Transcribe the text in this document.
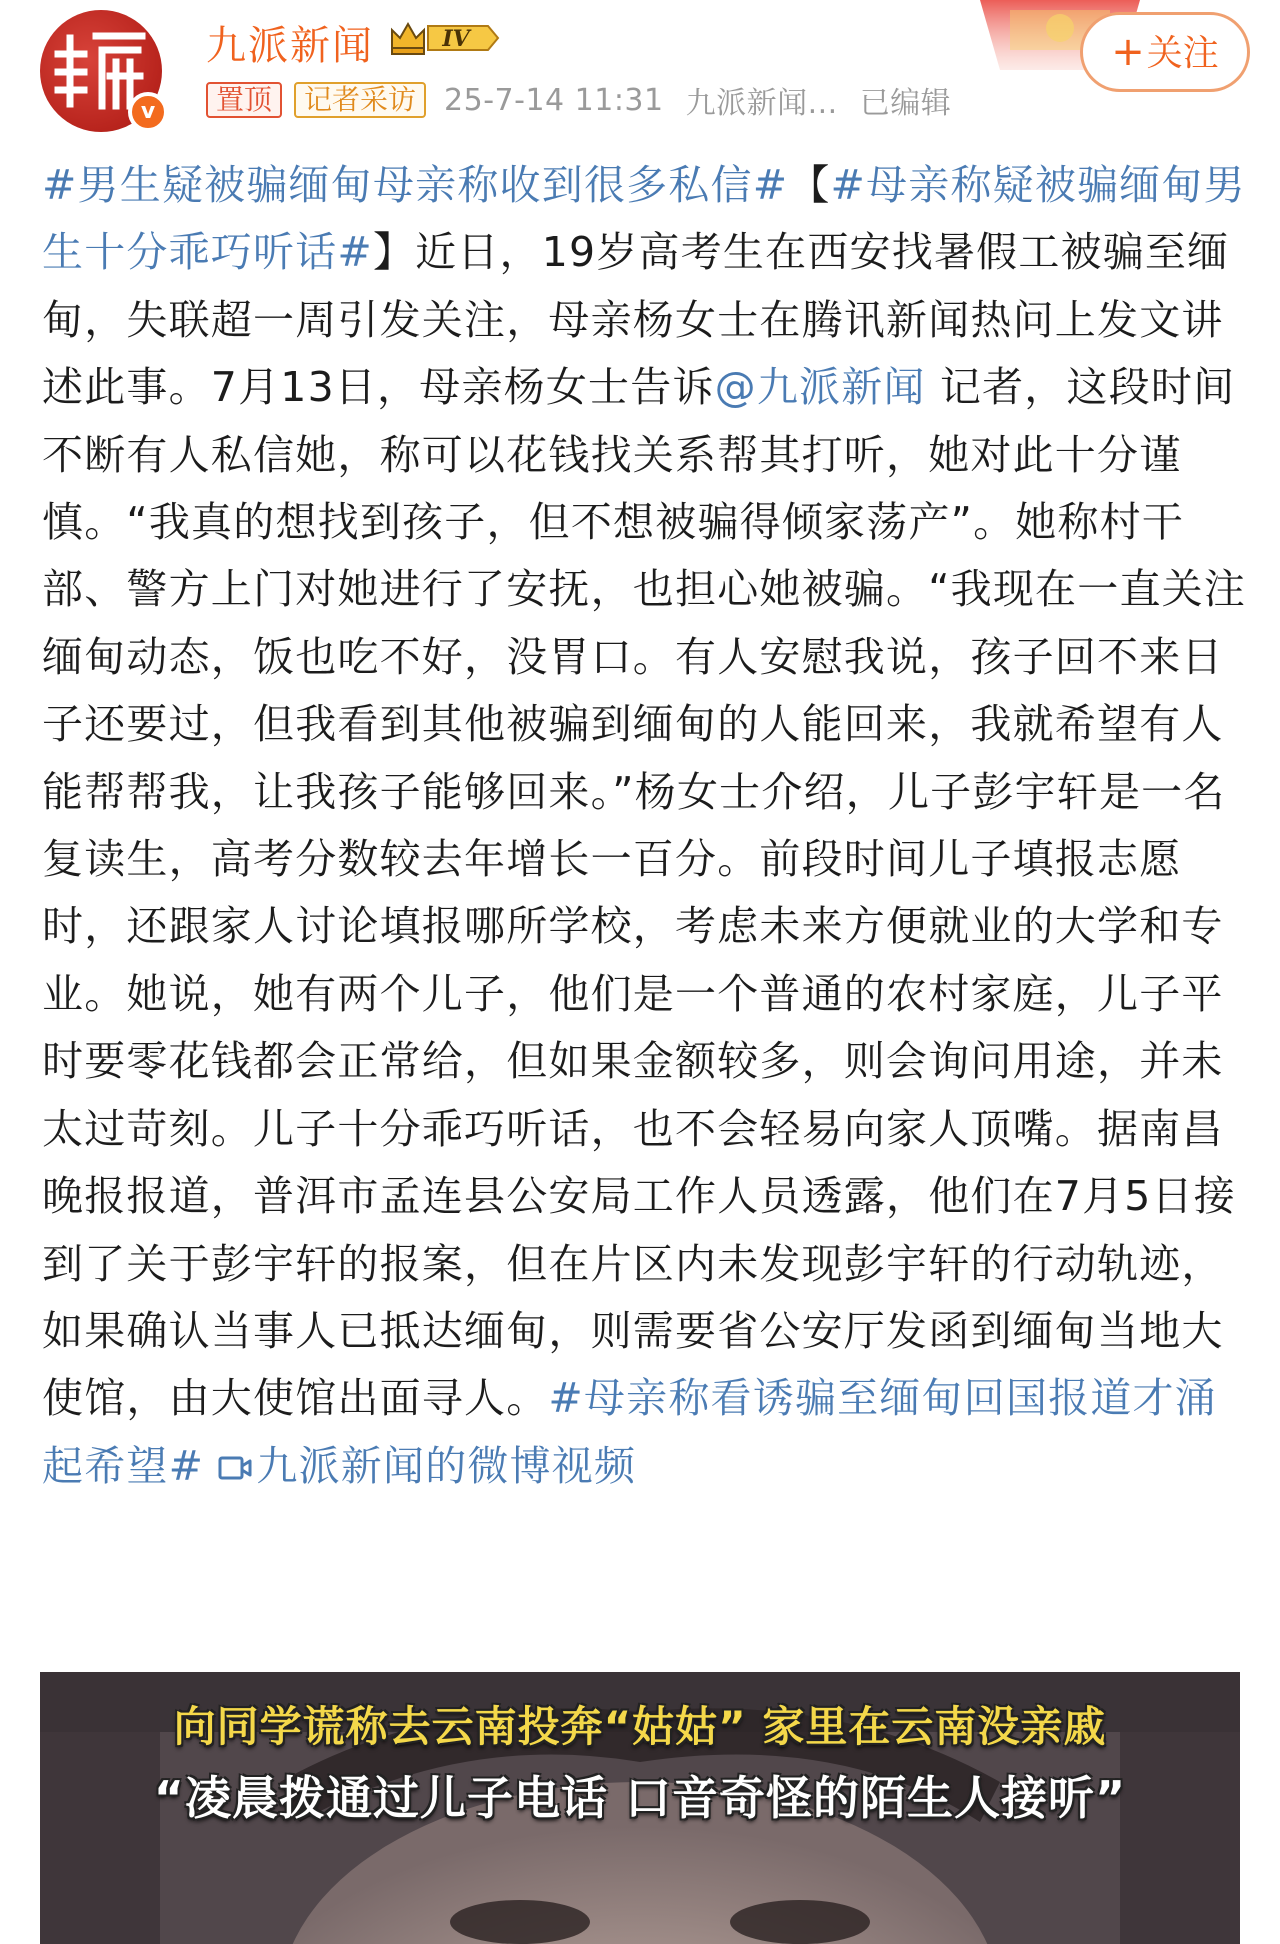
v
九派新闻	IV
置顶	记者采访 25-7-14 11:31 九派新闻... 已编辑
+关注
#男生疑被骗缅甸母亲称收到很多私信#【#母亲称疑被骗缅甸男生十分乖巧听话#】近日，19岁高考生在西安找暑假工被骗至缅甸，失联超一周引发关注，母亲杨女士在腾讯新闻热问上发文讲述此事。7月13日，母亲杨女士告诉@九派新闻 记者，这段时间不断有人私信她，称可以花钱找关系帮其打听，她对此十分谨慎。“我真的想找到孩子，但不想被骗得倾家荡产”。她称村干部、警方上门对她进行了安抚，也担心她被骗。“我现在一直关注缅甸动态，饭也吃不好，没胃口。有人安慰我说，孩子回不来日子还要过，但我看到其他被骗到缅甸的人能回来，我就希望有人能帮帮我，让我孩子能够回来。”杨女士介绍，儿子彭宇轩是一名复读生，高考分数较去年增长一百分。前段时间儿子填报志愿时，还跟家人讨论填报哪所学校，考虑未来方便就业的大学和专业。她说，她有两个儿子，他们是一个普通的农村家庭，儿子平时要零花钱都会正常给，但如果金额较多，则会询问用途，并未太过苛刻。儿子十分乖巧听话，也不会轻易向家人顶嘴。据南昌晚报报道，普洱市孟连县公安局工作人员透露，他们在7月5日接到了关于彭宇轩的报案，但在片区内未发现彭宇轩的行动轨迹，如果确认当事人已抵达缅甸，则需要省公安厅发函到缅甸当地大使馆，由大使馆出面寻人。#母亲称看诱骗至缅甸回国报道才涌起希望# 九派新闻的微博视频
向同学谎称去云南投奔“姑姑” 家里在云南没亲戚
“凌晨拨通过儿子电话 口音奇怪的陌生人接听”
